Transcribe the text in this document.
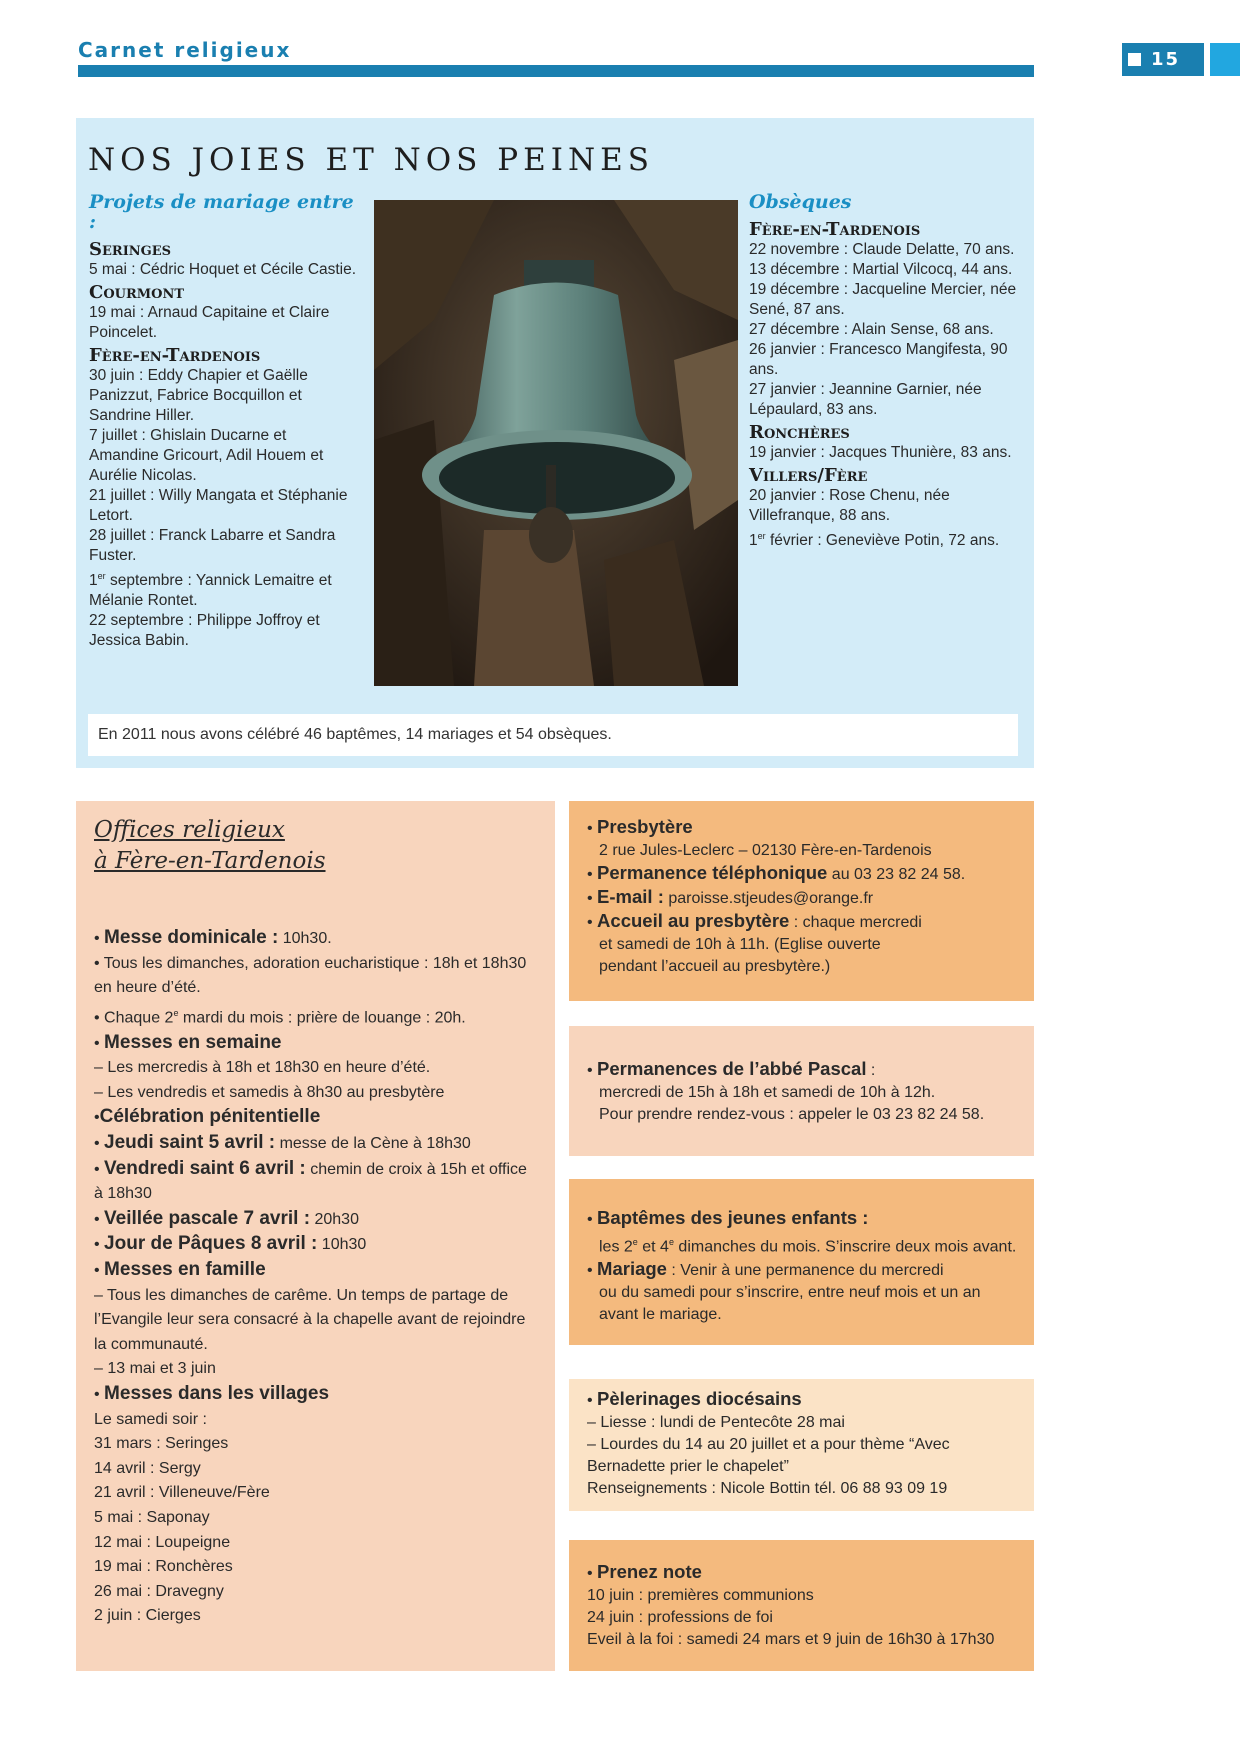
Carnet religieux	15
NOS JOIES ET NOS PEINES
Projets de mariage entre :
Seringes

5 mai : Cédric Hoquet et Cécile Castie.

Courmont

19 mai : Arnaud Capitaine et Claire Poincelet.

Fère-en-Tardenois

30 juin : Eddy Chapier et Gaëlle Panizzut, Fabrice Bocquillon et Sandrine Hiller.

7 juillet : Ghislain Ducarne et Amandine Gricourt, Adil Houem et Aurélie Nicolas.

21 juillet : Willy Mangata et Stéphanie Letort.

28 juillet : Franck Labarre et Sandra Fuster.

1er septembre : Yannick Lemaitre et Mélanie Rontet.

22 septembre : Philippe Joffroy et Jessica Babin.

Obsèques
Fère-en-Tardenois

22 novembre : Claude Delatte, 70 ans.

13 décembre : Martial Vilcocq, 44 ans.

19 décembre : Jacqueline Mercier, née Sené, 87 ans.

27 décembre : Alain Sense, 68 ans.

26 janvier : Francesco Mangifesta, 90 ans.

27 janvier : Jeannine Garnier, née Lépaulard, 83 ans.

Ronchères

19 janvier : Jacques Thunière, 83 ans.

Villers/Fère

20 janvier : Rose Chenu, née Villefranque, 88 ans.

1er février : Geneviève Potin, 72 ans.

En 2011 nous avons célébré 46 baptêmes, 14 mariages et 54 obsèques.
Offices religieux
à Fère-en-Tardenois

• Messe dominicale : 10h30.

• Tous les dimanches, adoration eucharistique : 18h et 18h30 en heure d’été.

• Chaque 2e mardi du mois : prière de louange : 20h.

• Messes en semaine

– Les mercredis à 18h et 18h30 en heure d’été.

– Les vendredis et samedis à 8h30 au presbytère

•Célébration pénitentielle

• Jeudi saint 5 avril : messe de la Cène à 18h30

• Vendredi saint 6 avril : chemin de croix à 15h et office à 18h30

• Veillée pascale 7 avril : 20h30

• Jour de Pâques 8 avril : 10h30

• Messes en famille

– Tous les dimanches de carême. Un temps de partage de l’Evangile leur sera consacré à la chapelle avant de rejoindre la communauté.

– 13 mai et 3 juin

• Messes dans les villages

Le samedi soir :

31 mars : Seringes

14 avril : Sergy

21 avril : Villeneuve/Fère

5 mai : Saponay

12 mai : Loupeigne

19 mai : Ronchères

26 mai : Dravegny

2 juin : Cierges

• Presbytère

2 rue Jules-Leclerc – 02130 Fère-en-Tardenois

• Permanence téléphonique au 03 23 82 24 58.

• E-mail : paroisse.stjeudes@orange.fr

• Accueil au presbytère : chaque mercredi

et samedi de 10h à 11h. (Eglise ouverte

pendant l’accueil au presbytère.)

• Permanences de l’abbé Pascal :

mercredi de 15h à 18h et samedi de 10h à 12h.

Pour prendre rendez-vous : appeler le 03 23 82 24 58.

• Baptêmes des jeunes enfants :

les 2e et 4e dimanches du mois. S’inscrire deux mois avant.

• Mariage : Venir à une permanence du mercredi

ou du samedi pour s’inscrire, entre neuf mois et un an

avant le mariage.

• Pèlerinages diocésains

– Liesse : lundi de Pentecôte 28 mai

– Lourdes du 14 au 20 juillet et a pour thème “Avec Bernadette prier le chapelet”

Renseignements : Nicole Bottin tél. 06 88 93 09 19

• Prenez note

10 juin : premières communions

24 juin : professions de foi

Eveil à la foi : samedi 24 mars et 9 juin de 16h30 à 17h30
